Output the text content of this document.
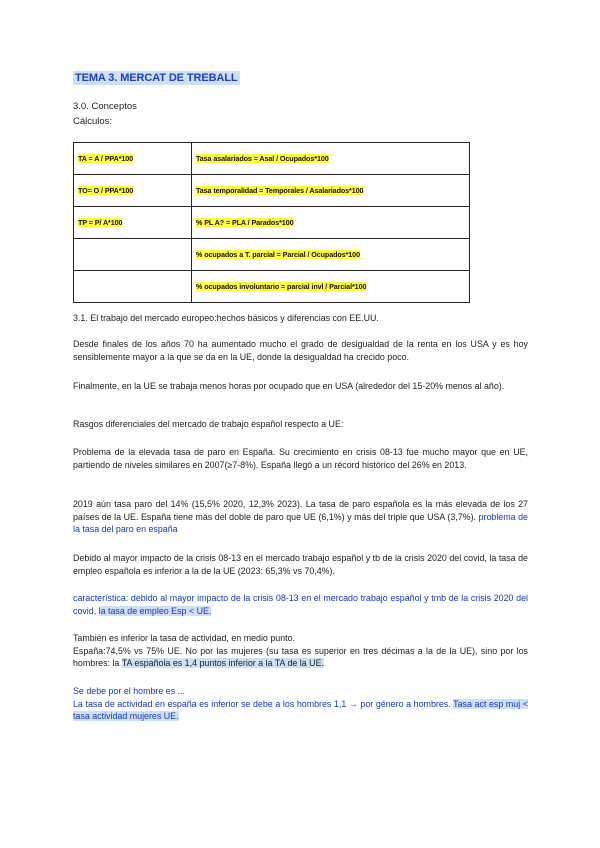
TEMA 3. MERCAT DE TREBALL

3.0. Conceptos

Cálculos:

TA = A / PPA*100	Tasa asalariados = Asal / Ocupados*100
TO= O / PPA*100	Tasa temporalidad = Temporales / Asalariados*100
TP = P/ A*100	% PL A? = PLA / Parados*100
	% ocupados a T. parcial = Parcial / Ocupados*100
	% ocupados involuntario = parcial invl / Parcial*100

3.1. El trabajo del mercado europeo:hechos básicos y diferencias con EE.UU.

Desde finales de los años 70 ha aumentado mucho el grado de desigualdad de la renta en los USA y es hoy sensiblemente mayor a la que se da en la UE, donde la desigualdad ha crecido poco.

Finalmente, en la UE se trabaja menos horas por ocupado que en USA (alrededor del 15-20% menos al año).

Rasgos diferenciales del mercado de trabajo español respecto a UE:

Problema de la elevada tasa de paro en España. Su crecimiento en crisis 08-13 fue mucho mayor que en UE, partiendo de niveles similares en 2007(≥7-8%). España llegó a un récord histórico del 26% en 2013.

2019 aún tasa paro del 14% (15,5% 2020, 12,3% 2023). La tasa de paro española es la más elevada de los 27 países de la UE. España tiene más del doble de paro que UE (6,1%) y más del triple que USA (3,7%). problema de la tasa del paro en españa

Debido al mayor impacto de la crisis 08-13 en el mercado trabajo español y tb de la crisis 2020 del covid, la tasa de empleo española es inferior a la de la UE (2023: 65,3% vs 70,4%).

característica: debido al mayor impacto de la crisis 08-13 en el mercado trabajo español y tmb de la crisis 2020 del covid, la tasa de empleo Esp < UE.

También es inferior la tasa de actividad, en medio punto.
España:74,5% vs 75% UE. No por las mujeres (su tasa es superior en tres décimas a la de la UE), sino por los hombres: la TA española es 1,4 puntos inferior a la TA de la UE.

Se debe por el hombre es ...
La tasa de actividad en españa es inferior se debe a los hombres 1,1 → por género a hombres. Tasa act esp muj < tasa actividad mujeres UE.
